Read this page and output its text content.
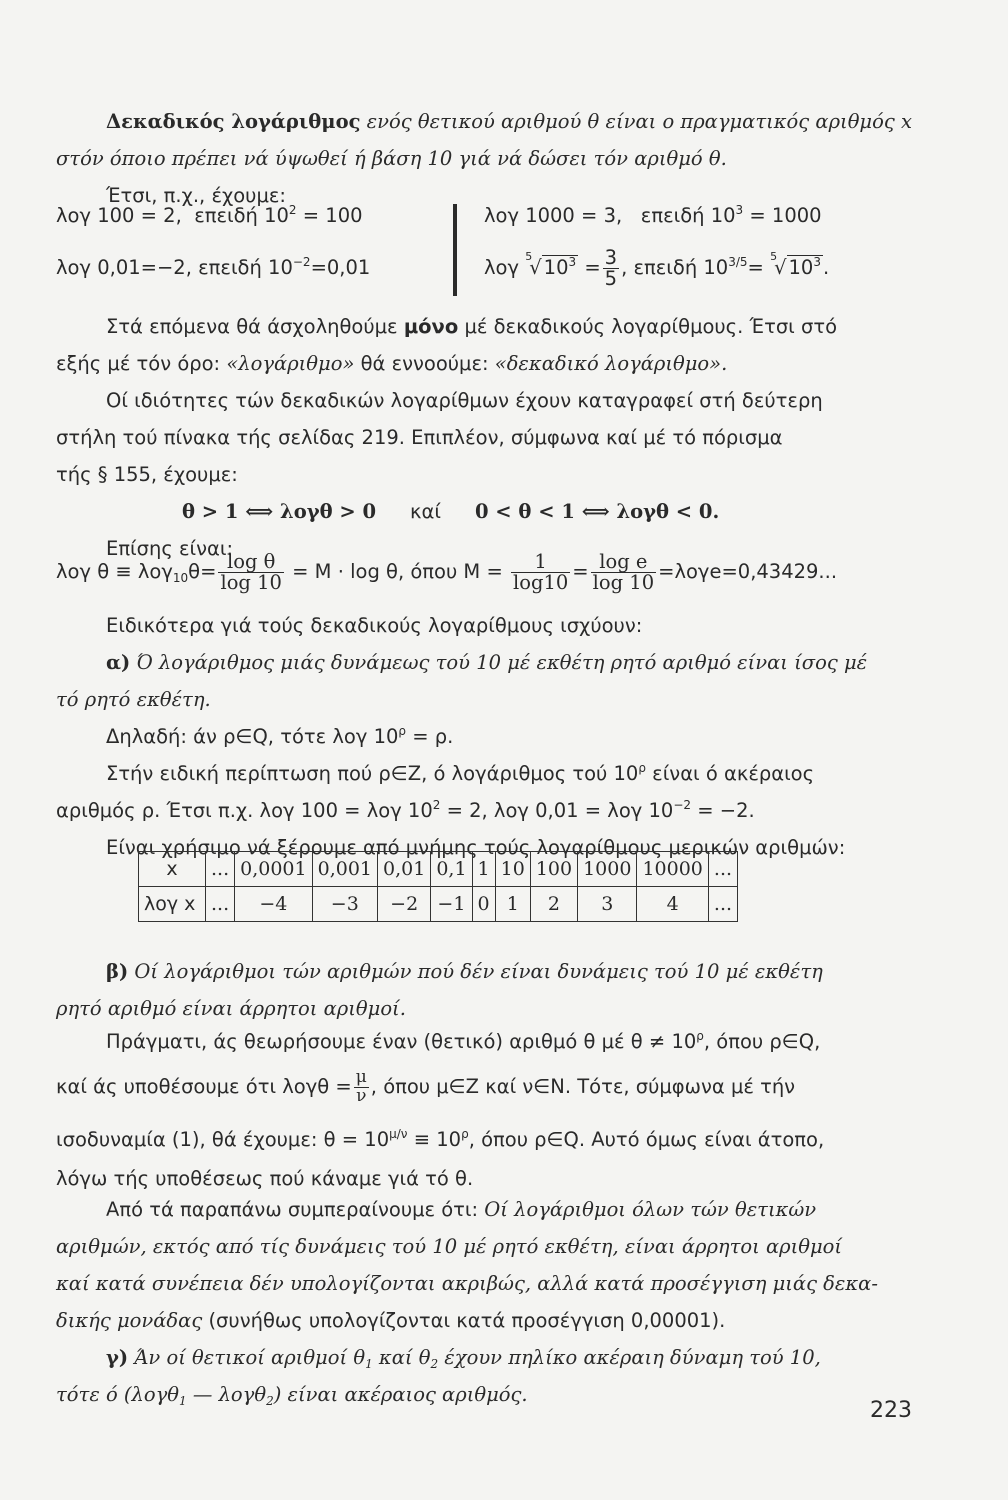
Δεκαδικός λογάριθμος ενός θετικού αριθμού θ είναι ο πραγματικός αριθμός x
στόν όποιο πρέπει νά ύψωθεί ή βάση 10 γιά νά δώσει τόν αριθμό θ.
Έτσι, π.χ., έχουμε:
λογ 100 = 2, επειδή $10^2 = 100$
λογ 0,01=−2, επειδή $10^{-2}=0,01$
λογ 1000 = 3, επειδή $10^3 = 1000$
λογ $^5$√ $10^3 = \frac{3}{5}$ , επειδή $10^{3/5}= ^5√$ $10^3$ .
Στά επόμενα θά άσχοληθούμε μόνο μέ δεκαδικούς λογαρίθμους. Έτσι στό
εξής μέ τόν όρο: «λογάριθμο» θά εννοούμε: «δεκαδικό λογάριθμο».
Οί ιδιότητες τών δεκαδικών λογαρίθμων έχουν καταγραφεί στή δεύτερη
στήλη τού πίνακα τής σελίδας 219. Επιπλέον, σύμφωνα καί μέ τό πόρισμα
τής § 155, έχουμε:
θ > 1 ⟺ λογθ > 0 καί 0 < θ < 1 ⟺ λογθ < 0.
Επίσης είναι:
λογ $\theta \equiv \lambda o\gamma_{10}\theta= \frac{\text{log θ}}{\log 10} = M \cdot \log \theta$, όπου $M = \frac{1}{\log 10} = \frac{\text{log e}}{\log 10} =\lambda o\gamma e=0,43429$...
Ειδικότερα γιά τούς δεκαδικούς λογαρίθμους ισχύουν:
α) Ό λογάριθμος μιάς δυνάμεως τού 10 μέ εκθέτη ρητό αριθμό είναι ίσος μέ
τό ρητό εκθέτη.
Δηλαδή: άν ρ∈Q, τότε λογ $10^\rho = \rho$.
Στήν ειδική περίπτωση πού ρ∈Z, ό λογάριθμος τού $10^\rho$ είναι ό ακέραιος
αριθμός ρ. Έτσι π.χ. λογ 100 = λογ $10^2 = 2$, λογ 0,01 = λογ $10^{-2} = -2$.
Είναι χρήσιμο νά ξέρουμε από μνήμης τούς λογαρίθμους μερικών αριθμών:
x	...	0,0001	0,001	0,01	0,1	1	10	100	1000	10000	...
λογ x	...	−4	−3	−2	−1	0	1	2	3	4	...
β) Οί λογάριθμοι τών αριθμών πού δέν είναι δυνάμεις τού 10 μέ εκθέτη
ρητό αριθμό είναι άρρητοι αριθμοί.
Πράγματι, άς θεωρήσουμε έναν (θετικό) αριθμό θ μέ $\theta \ne 10^\rho$, όπου ρ∈Q,
καί άς υποθέσουμε ότι $\lambda o\gamma\theta = \frac{\mu}{\nu}$ , όπου μ∈Z καί ν∈N. Τότε, σύμφωνα μέ τήν
ισοδυναμία (1), θά έχουμε: $\theta = 10^{\mu/\nu} \equiv 10^\rho$, όπου ρ∈Q. Αυτό όμως είναι άτοπο,
λόγω τής υποθέσεως πού κάναμε γιά τό θ.
Από τά παραπάνω συμπεραίνουμε ότι: Οί λογάριθμοι όλων τών θετικών
αριθμών, εκτός από τίς δυνάμεις τού 10 μέ ρητό εκθέτη, είναι άρρητοι αριθμοί
καί κατά συνέπεια δέν υπολογίζονται ακριβώς, αλλά κατά προσέγγιση μιάς δεκα-
δικής μονάδας (συνήθως υπολογίζονται κατά προσέγγιση 0,00001).
γ) Άν οί θετικοί αριθμοί $\theta_1$ καί $\theta_2$ έχουν πηλίκο ακέραιη δύναμη τού 10,
τότε ό (λογθ$_1$ — λογθ$_2$) είναι ακέραιος αριθμός.
223
